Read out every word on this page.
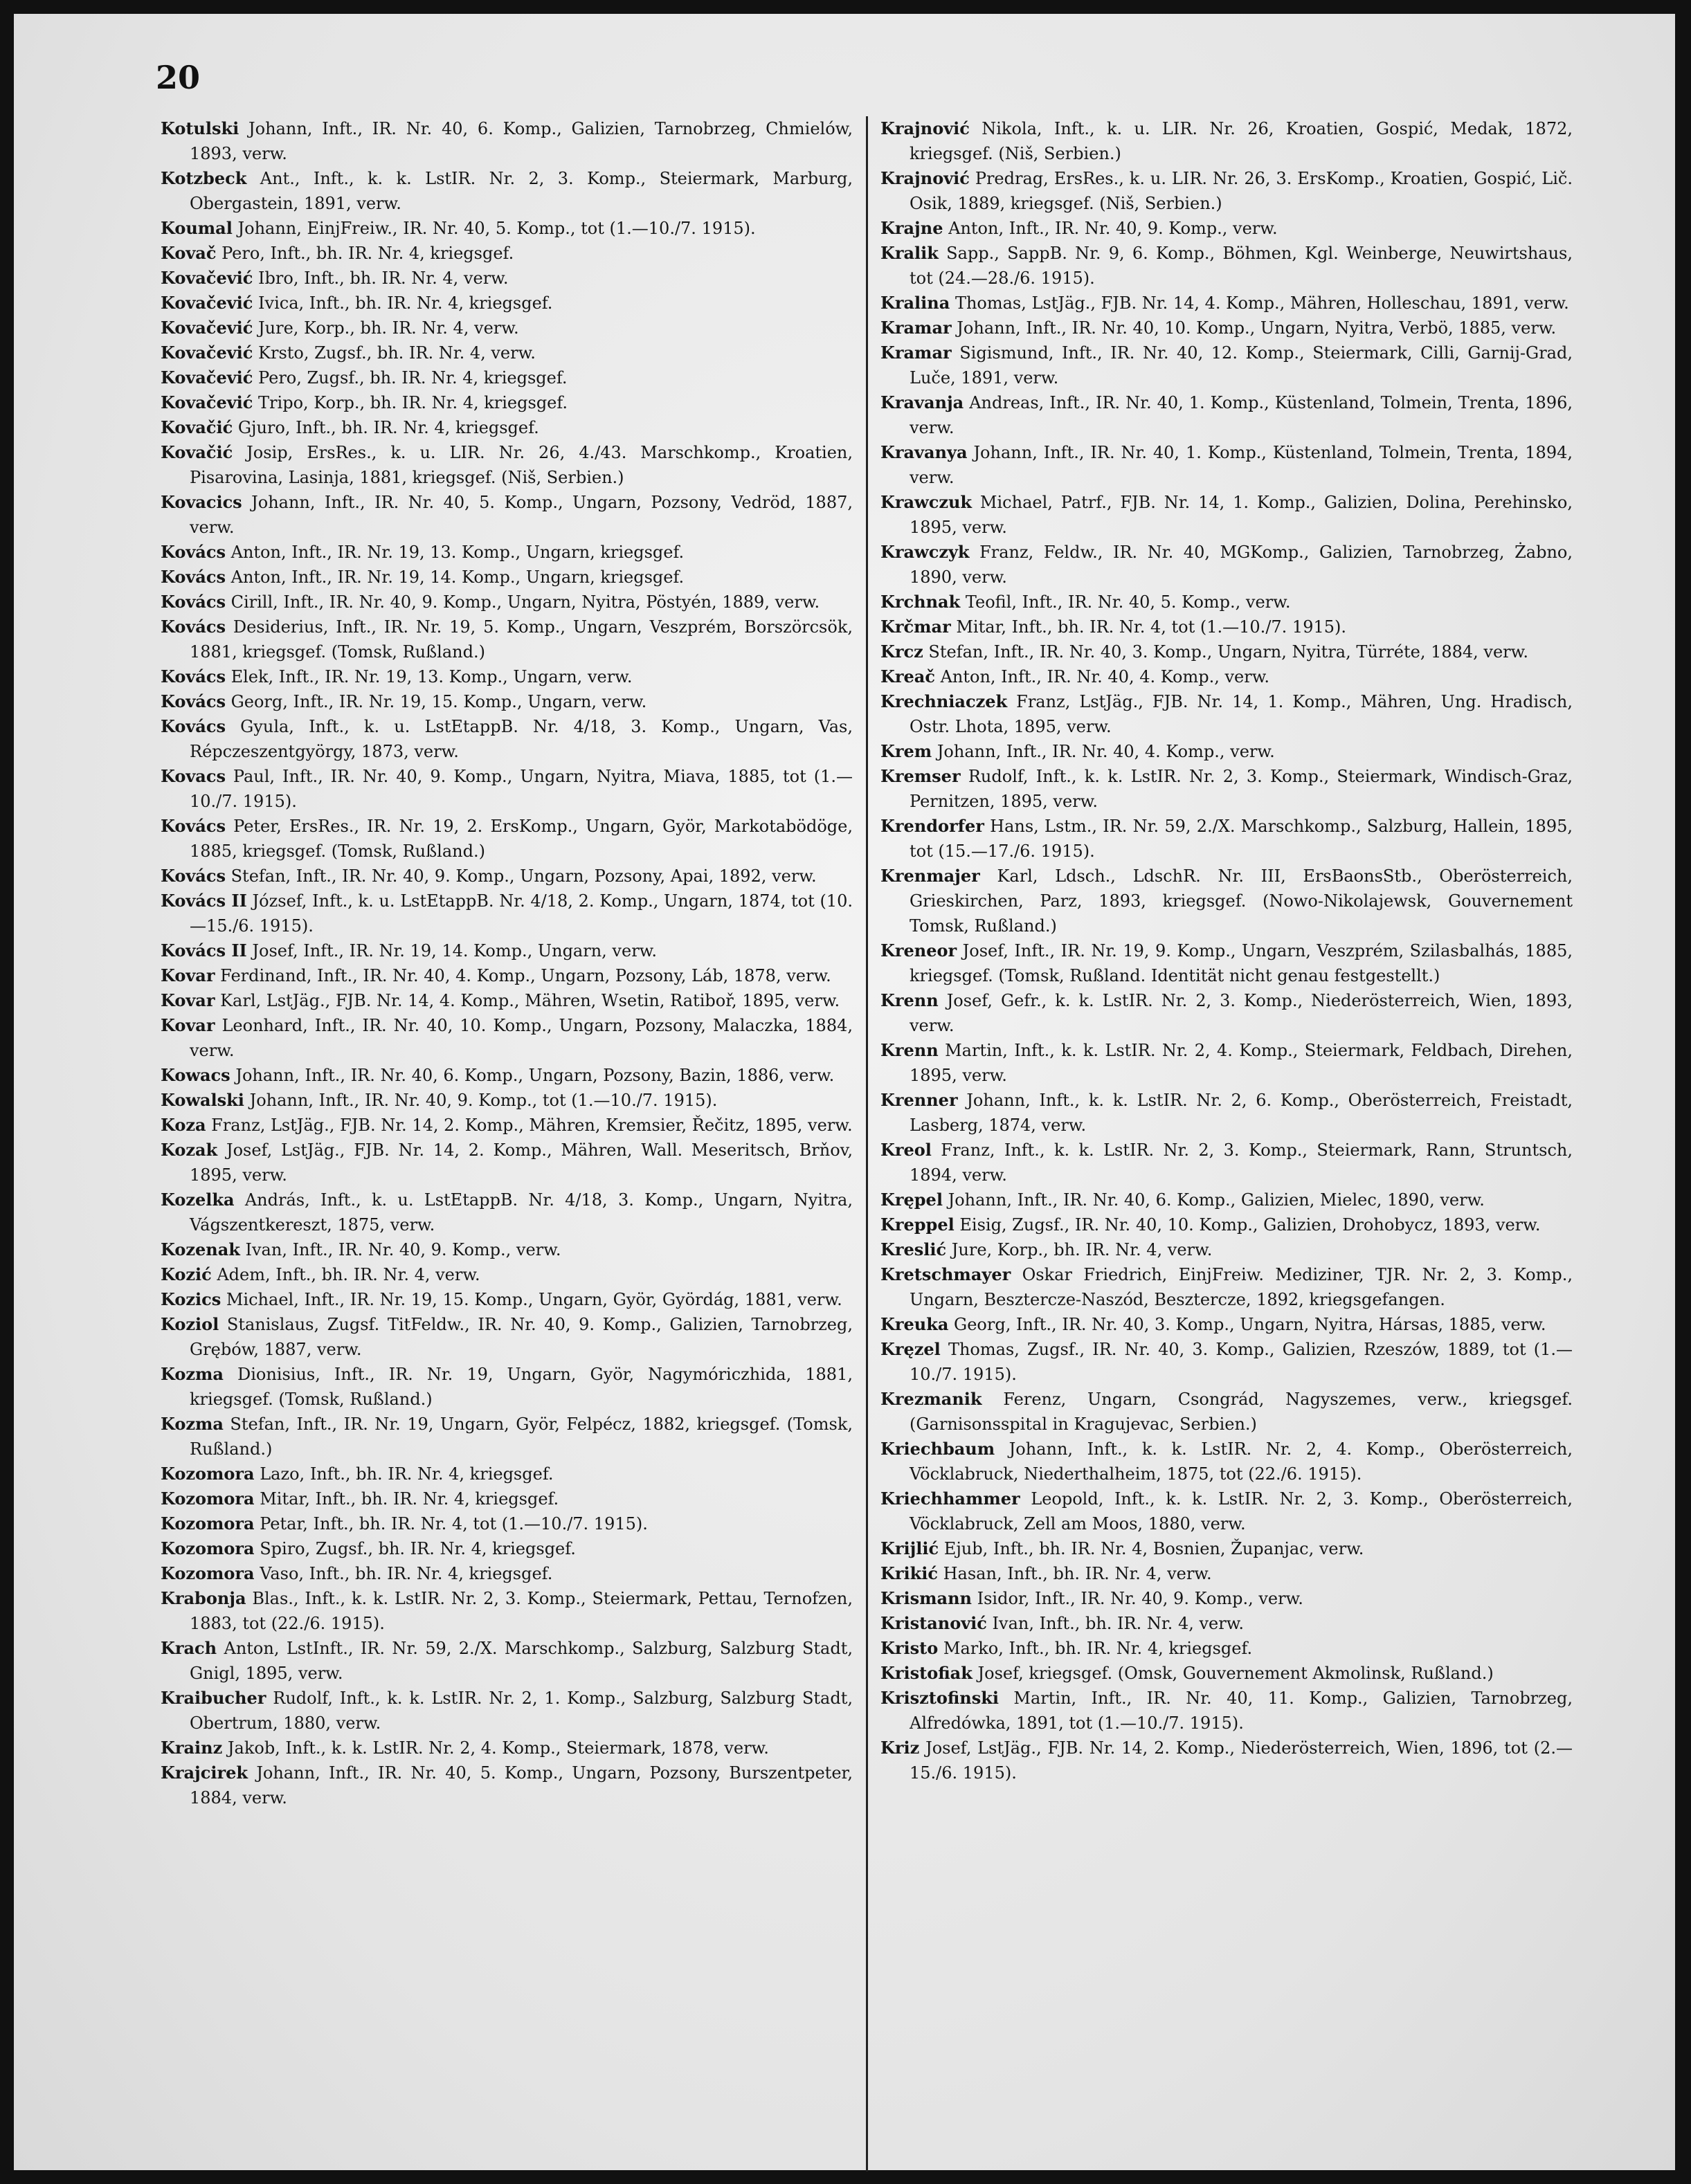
20
Kotulski Johann, Inft., IR. Nr. 40, 6. Komp., Galizien, Tarnobrzeg, Chmielów, 1893, verw.
Kotzbeck Ant., Inft., k. k. LstIR. Nr. 2, 3. Komp., Steiermark, Marburg, Obergastein, 1891, verw.
Koumal Johann, EinjFreiw., IR. Nr. 40, 5. Komp., tot (1.—10./7. 1915).
Kovač Pero, Inft., bh. IR. Nr. 4, kriegsgef.
Kovačević Ibro, Inft., bh. IR. Nr. 4, verw.
Kovačević Ivica, Inft., bh. IR. Nr. 4, kriegsgef.
Kovačević Jure, Korp., bh. IR. Nr. 4, verw.
Kovačević Krsto, Zugsf., bh. IR. Nr. 4, verw.
Kovačević Pero, Zugsf., bh. IR. Nr. 4, kriegsgef.
Kovačević Tripo, Korp., bh. IR. Nr. 4, kriegsgef.
Kovačić Gjuro, Inft., bh. IR. Nr. 4, kriegsgef.
Kovačić Josip, ErsRes., k. u. LIR. Nr. 26, 4./43. Marschkomp., Kroatien, Pisarovina, Lasinja, 1881, kriegsgef. (Niš, Serbien.)
Kovacics Johann, Inft., IR. Nr. 40, 5. Komp., Ungarn, Pozsony, Vedröd, 1887, verw.
Kovács Anton, Inft., IR. Nr. 19, 13. Komp., Ungarn, kriegsgef.
Kovács Anton, Inft., IR. Nr. 19, 14. Komp., Ungarn, kriegsgef.
Kovács Cirill, Inft., IR. Nr. 40, 9. Komp., Ungarn, Nyitra, Pöstyén, 1889, verw.
Kovács Desiderius, Inft., IR. Nr. 19, 5. Komp., Ungarn, Veszprém, Borszörcsök, 1881, kriegsgef. (Tomsk, Rußland.)
Kovács Elek, Inft., IR. Nr. 19, 13. Komp., Ungarn, verw.
Kovács Georg, Inft., IR. Nr. 19, 15. Komp., Ungarn, verw.
Kovács Gyula, Inft., k. u. LstEtappB. Nr. 4/18, 3. Komp., Ungarn, Vas, Répczeszentgyörgy, 1873, verw.
Kovacs Paul, Inft., IR. Nr. 40, 9. Komp., Ungarn, Nyitra, Miava, 1885, tot (1.—10./7. 1915).
Kovács Peter, ErsRes., IR. Nr. 19, 2. ErsKomp., Ungarn, Györ, Markotabödöge, 1885, kriegsgef. (Tomsk, Rußland.)
Kovács Stefan, Inft., IR. Nr. 40, 9. Komp., Ungarn, Pozsony, Apai, 1892, verw.
Kovács II József, Inft., k. u. LstEtappB. Nr. 4/18, 2. Komp., Ungarn, 1874, tot (10.—15./6. 1915).
Kovács II Josef, Inft., IR. Nr. 19, 14. Komp., Ungarn, verw.
Kovar Ferdinand, Inft., IR. Nr. 40, 4. Komp., Ungarn, Pozsony, Láb, 1878, verw.
Kovar Karl, LstJäg., FJB. Nr. 14, 4. Komp., Mähren, Wsetin, Ratiboř, 1895, verw.
Kovar Leonhard, Inft., IR. Nr. 40, 10. Komp., Ungarn, Pozsony, Malaczka, 1884, verw.
Kowacs Johann, Inft., IR. Nr. 40, 6. Komp., Ungarn, Pozsony, Bazin, 1886, verw.
Kowalski Johann, Inft., IR. Nr. 40, 9. Komp., tot (1.—10./7. 1915).
Koza Franz, LstJäg., FJB. Nr. 14, 2. Komp., Mähren, Kremsier, Řečitz, 1895, verw.
Kozak Josef, LstJäg., FJB. Nr. 14, 2. Komp., Mähren, Wall. Meseritsch, Brňov, 1895, verw.
Kozelka András, Inft., k. u. LstEtappB. Nr. 4/18, 3. Komp., Ungarn, Nyitra, Vágszentkereszt, 1875, verw.
Kozenak Ivan, Inft., IR. Nr. 40, 9. Komp., verw.
Kozić Adem, Inft., bh. IR. Nr. 4, verw.
Kozics Michael, Inft., IR. Nr. 19, 15. Komp., Ungarn, Györ, Györdág, 1881, verw.
Koziol Stanislaus, Zugsf. TitFeldw., IR. Nr. 40, 9. Komp., Galizien, Tarnobrzeg, Grębów, 1887, verw.
Kozma Dionisius, Inft., IR. Nr. 19, Ungarn, Györ, Nagymóriczhida, 1881, kriegsgef. (Tomsk, Rußland.)
Kozma Stefan, Inft., IR. Nr. 19, Ungarn, Györ, Felpécz, 1882, kriegsgef. (Tomsk, Rußland.)
Kozomora Lazo, Inft., bh. IR. Nr. 4, kriegsgef.
Kozomora Mitar, Inft., bh. IR. Nr. 4, kriegsgef.
Kozomora Petar, Inft., bh. IR. Nr. 4, tot (1.—10./7. 1915).
Kozomora Spiro, Zugsf., bh. IR. Nr. 4, kriegsgef.
Kozomora Vaso, Inft., bh. IR. Nr. 4, kriegsgef.
Krabonja Blas., Inft., k. k. LstIR. Nr. 2, 3. Komp., Steiermark, Pettau, Ternofzen, 1883, tot (22./6. 1915).
Krach Anton, LstInft., IR. Nr. 59, 2./X. Marschkomp., Salzburg, Salzburg Stadt, Gnigl, 1895, verw.
Kraibucher Rudolf, Inft., k. k. LstIR. Nr. 2, 1. Komp., Salzburg, Salzburg Stadt, Obertrum, 1880, verw.
Krainz Jakob, Inft., k. k. LstIR. Nr. 2, 4. Komp., Steiermark, 1878, verw.
Krajcirek Johann, Inft., IR. Nr. 40, 5. Komp., Ungarn, Pozsony, Burszentpeter, 1884, verw.
Krajnović Nikola, Inft., k. u. LIR. Nr. 26, Kroatien, Gospić, Medak, 1872, kriegsgef. (Niš, Serbien.)
Krajnović Predrag, ErsRes., k. u. LIR. Nr. 26, 3. ErsKomp., Kroatien, Gospić, Lič. Osik, 1889, kriegsgef. (Niš, Serbien.)
Krajne Anton, Inft., IR. Nr. 40, 9. Komp., verw.
Kralik Sapp., SappB. Nr. 9, 6. Komp., Böhmen, Kgl. Weinberge, Neuwirtshaus, tot (24.—28./6. 1915).
Kralina Thomas, LstJäg., FJB. Nr. 14, 4. Komp., Mähren, Holleschau, 1891, verw.
Kramar Johann, Inft., IR. Nr. 40, 10. Komp., Ungarn, Nyitra, Verbö, 1885, verw.
Kramar Sigismund, Inft., IR. Nr. 40, 12. Komp., Steiermark, Cilli, Garnij-Grad, Luče, 1891, verw.
Kravanja Andreas, Inft., IR. Nr. 40, 1. Komp., Küstenland, Tolmein, Trenta, 1896, verw.
Kravanya Johann, Inft., IR. Nr. 40, 1. Komp., Küstenland, Tolmein, Trenta, 1894, verw.
Krawczuk Michael, Patrf., FJB. Nr. 14, 1. Komp., Galizien, Dolina, Perehinsko, 1895, verw.
Krawczyk Franz, Feldw., IR. Nr. 40, MGKomp., Galizien, Tarnobrzeg, Żabno, 1890, verw.
Krchnak Teofil, Inft., IR. Nr. 40, 5. Komp., verw.
Krčmar Mitar, Inft., bh. IR. Nr. 4, tot (1.—10./7. 1915).
Krcz Stefan, Inft., IR. Nr. 40, 3. Komp., Ungarn, Nyitra, Türréte, 1884, verw.
Kreač Anton, Inft., IR. Nr. 40, 4. Komp., verw.
Krechniaczek Franz, LstJäg., FJB. Nr. 14, 1. Komp., Mähren, Ung. Hradisch, Ostr. Lhota, 1895, verw.
Krem Johann, Inft., IR. Nr. 40, 4. Komp., verw.
Kremser Rudolf, Inft., k. k. LstIR. Nr. 2, 3. Komp., Steiermark, Windisch-Graz, Pernitzen, 1895, verw.
Krendorfer Hans, Lstm., IR. Nr. 59, 2./X. Marschkomp., Salzburg, Hallein, 1895, tot (15.—17./6. 1915).
Krenmajer Karl, Ldsch., LdschR. Nr. III, ErsBaonsStb., Oberösterreich, Grieskirchen, Parz, 1893, kriegsgef. (Nowo-Nikolajewsk, Gouvernement Tomsk, Rußland.)
Kreneor Josef, Inft., IR. Nr. 19, 9. Komp., Ungarn, Veszprém, Szilasbalhás, 1885, kriegsgef. (Tomsk, Rußland. Identität nicht genau festgestellt.)
Krenn Josef, Gefr., k. k. LstIR. Nr. 2, 3. Komp., Niederösterreich, Wien, 1893, verw.
Krenn Martin, Inft., k. k. LstIR. Nr. 2, 4. Komp., Steiermark, Feldbach, Direhen, 1895, verw.
Krenner Johann, Inft., k. k. LstIR. Nr. 2, 6. Komp., Oberösterreich, Freistadt, Lasberg, 1874, verw.
Kreol Franz, Inft., k. k. LstIR. Nr. 2, 3. Komp., Steiermark, Rann, Struntsch, 1894, verw.
Krępel Johann, Inft., IR. Nr. 40, 6. Komp., Galizien, Mielec, 1890, verw.
Kreppel Eisig, Zugsf., IR. Nr. 40, 10. Komp., Galizien, Drohobycz, 1893, verw.
Kreslić Jure, Korp., bh. IR. Nr. 4, verw.
Kretschmayer Oskar Friedrich, EinjFreiw. Mediziner, TJR. Nr. 2, 3. Komp., Ungarn, Besztercze-Naszód, Besztercze, 1892, kriegsgefangen.
Kreuka Georg, Inft., IR. Nr. 40, 3. Komp., Ungarn, Nyitra, Hársas, 1885, verw.
Kręzel Thomas, Zugsf., IR. Nr. 40, 3. Komp., Galizien, Rzeszów, 1889, tot (1.—10./7. 1915).
Krezmanik Ferenz, Ungarn, Csongrád, Nagyszemes, verw., kriegsgef. (Garnisonsspital in Kragujevac, Serbien.)
Kriechbaum Johann, Inft., k. k. LstIR. Nr. 2, 4. Komp., Oberösterreich, Vöcklabruck, Niederthalheim, 1875, tot (22./6. 1915).
Kriechhammer Leopold, Inft., k. k. LstIR. Nr. 2, 3. Komp., Oberösterreich, Vöcklabruck, Zell am Moos, 1880, verw.
Krijlić Ejub, Inft., bh. IR. Nr. 4, Bosnien, Županjac, verw.
Krikić Hasan, Inft., bh. IR. Nr. 4, verw.
Krismann Isidor, Inft., IR. Nr. 40, 9. Komp., verw.
Kristanović Ivan, Inft., bh. IR. Nr. 4, verw.
Kristo Marko, Inft., bh. IR. Nr. 4, kriegsgef.
Kristofiak Josef, kriegsgef. (Omsk, Gouvernement Akmolinsk, Rußland.)
Krisztofinski Martin, Inft., IR. Nr. 40, 11. Komp., Galizien, Tarnobrzeg, Alfredówka, 1891, tot (1.—10./7. 1915).
Kriz Josef, LstJäg., FJB. Nr. 14, 2. Komp., Niederösterreich, Wien, 1896, tot (2.—15./6. 1915).
